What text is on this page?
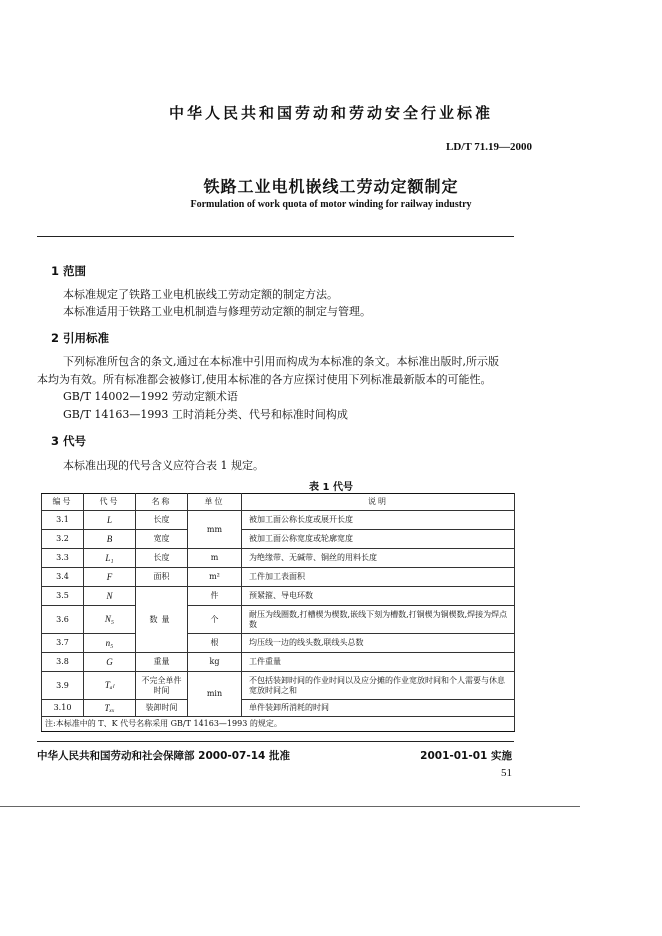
中华人民共和国劳动和劳动安全行业标准
LD/T 71.19—2000
铁路工业电机嵌线工劳动定额制定
Formulation of work quota of motor winding for railway industry
1 范围
本标准规定了铁路工业电机嵌线工劳动定额的制定方法。
本标准适用于铁路工业电机制造与修理劳动定额的制定与管理。
2 引用标准
下列标准所包含的条文,通过在本标准中引用而构成为本标准的条文。本标准出版时,所示版
本均为有效。所有标准都会被修订,使用本标准的各方应探讨使用下列标准最新版本的可能性。
GB/T 14002—1992 劳动定额术语
GB/T 14163—1993 工时消耗分类、代号和标准时间构成
3 代号
本标准出现的代号含义应符合表 1 规定。
表 1 代号
编号	代号	名称	单位	说明
3.1	L	长度	mm	被加工面公称长度或展开长度
3.2	B	宽度		被加工面公称宽度或轮廓宽度
3.3	L₁	长度	m	为绝缘带、无碱带、铜丝的用料长度
3.4	F	面积	m²	工件加工表面积
3.5	N	数量	件	预紧箍、导电环数
3.6	N₅		个	耐压为线圈数,打槽楔为楔数,嵌线下刻为槽数,打铜楔为铜楔数,焊接为焊点数
3.7	n₅		根	均压线一边的线头数,联线头总数
3.8	G	重量	kg	工件重量
3.9	Tₐₗ	不完全单件时间	min	不包括装卸时间的作业时间以及应分摊的作业宽放时间和个人需要与休息宽放时间之和
3.10	Tₓₓ	装卸时间		单件装卸所消耗的时间
注:本标准中的 T、K 代号名称采用 GB/T 14163—1993 的规定。				
中华人民共和国劳动和社会保障部 2000-07-14 批准	2001-01-01 实施
51
